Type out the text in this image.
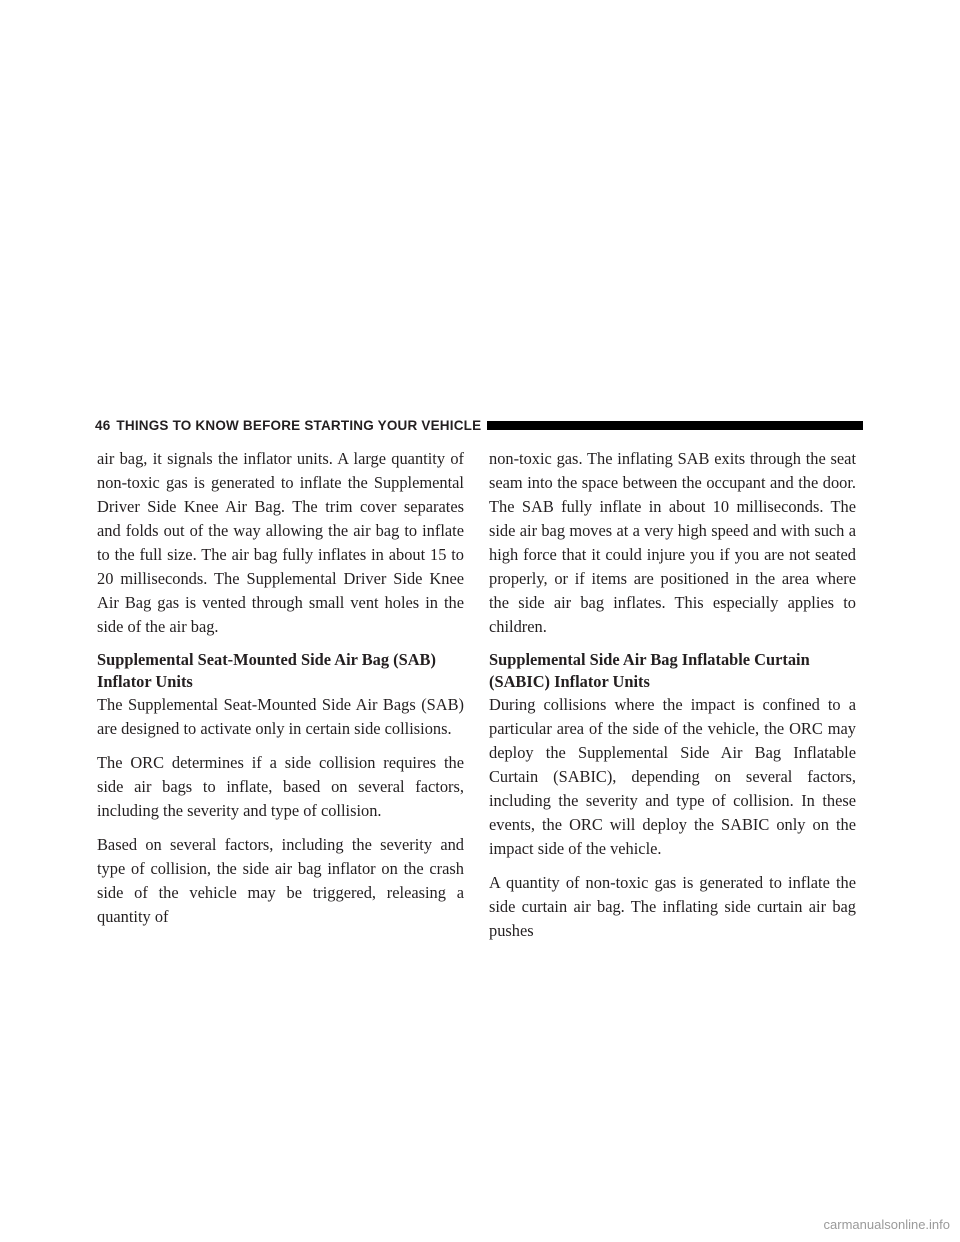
46 THINGS TO KNOW BEFORE STARTING YOUR VEHICLE

air bag, it signals the inflator units. A large quantity of non-toxic gas is generated to inflate the Supplemental Driver Side Knee Air Bag. The trim cover separates and folds out of the way allowing the air bag to inflate to the full size. The air bag fully inflates in about 15 to 20 milliseconds. The Supplemental Driver Side Knee Air Bag gas is vented through small vent holes in the side of the air bag.

Supplemental Seat-Mounted Side Air Bag (SAB)
Inflator Units

The Supplemental Seat-Mounted Side Air Bags (SAB) are designed to activate only in certain side collisions.

The ORC determines if a side collision requires the side air bags to inflate, based on several factors, including the severity and type of collision.

Based on several factors, including the severity and type of collision, the side air bag inflator on the crash side of the vehicle may be triggered, releasing a quantity of

non-toxic gas. The inflating SAB exits through the seat seam into the space between the occupant and the door. The SAB fully inflate in about 10 milliseconds. The side air bag moves at a very high speed and with such a high force that it could injure you if you are not seated properly, or if items are positioned in the area where the side air bag inflates. This especially applies to children.

Supplemental Side Air Bag Inflatable Curtain
(SABIC) Inflator Units

During collisions where the impact is confined to a particular area of the side of the vehicle, the ORC may deploy the Supplemental Side Air Bag Inflatable Curtain (SABIC), depending on several factors, including the severity and type of collision. In these events, the ORC will deploy the SABIC only on the impact side of the vehicle.

A quantity of non-toxic gas is generated to inflate the side curtain air bag. The inflating side curtain air bag pushes

carmanualsonline.info
